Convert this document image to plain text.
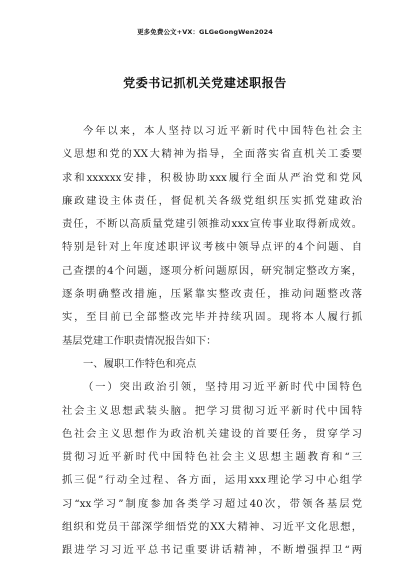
更多免费公文+VX：GLGeGongWen2024
党委书记抓机关党建述职报告
今年以来，本人坚持以习近平新时代中国特色社会主
义思想和党的XX大精神为指导，全面落实省直机关工委要
求和xxxxxx安排，积极协助xxx履行全面从严治党和党风
廉政建设主体责任，督促机关各级党组织压实抓党建政治
责任，不断以高质量党建引领推动xxx宣传事业取得新成效。
特别是针对上年度述职评议考核中领导点评的4个问题、自
己查摆的4个问题，逐项分析问题原因，研究制定整改方案，
逐条明确整改措施，压紧靠实整改责任，推动问题整改落
实，至目前已全部整改完毕并持续巩固。现将本人履行抓
基层党建工作职责情况报告如下：
一、履职工作特色和亮点
（一）突出政治引领，坚持用习近平新时代中国特色
社会主义思想武装头脑。把学习贯彻习近平新时代中国特
色社会主义思想作为政治机关建设的首要任务，贯穿学习
贯彻习近平新时代中国特色社会主义思想主题教育和“三
抓三促”行动全过程、各方面，运用xxx理论学习中心组学
习“xx学习”制度参加各类学习超过40次，带领各基层党
组织和党员干部深学细悟党的XX大精神、习近平文化思想，
跟进学习习近平总书记重要讲话精神，不断增强捍卫“两
